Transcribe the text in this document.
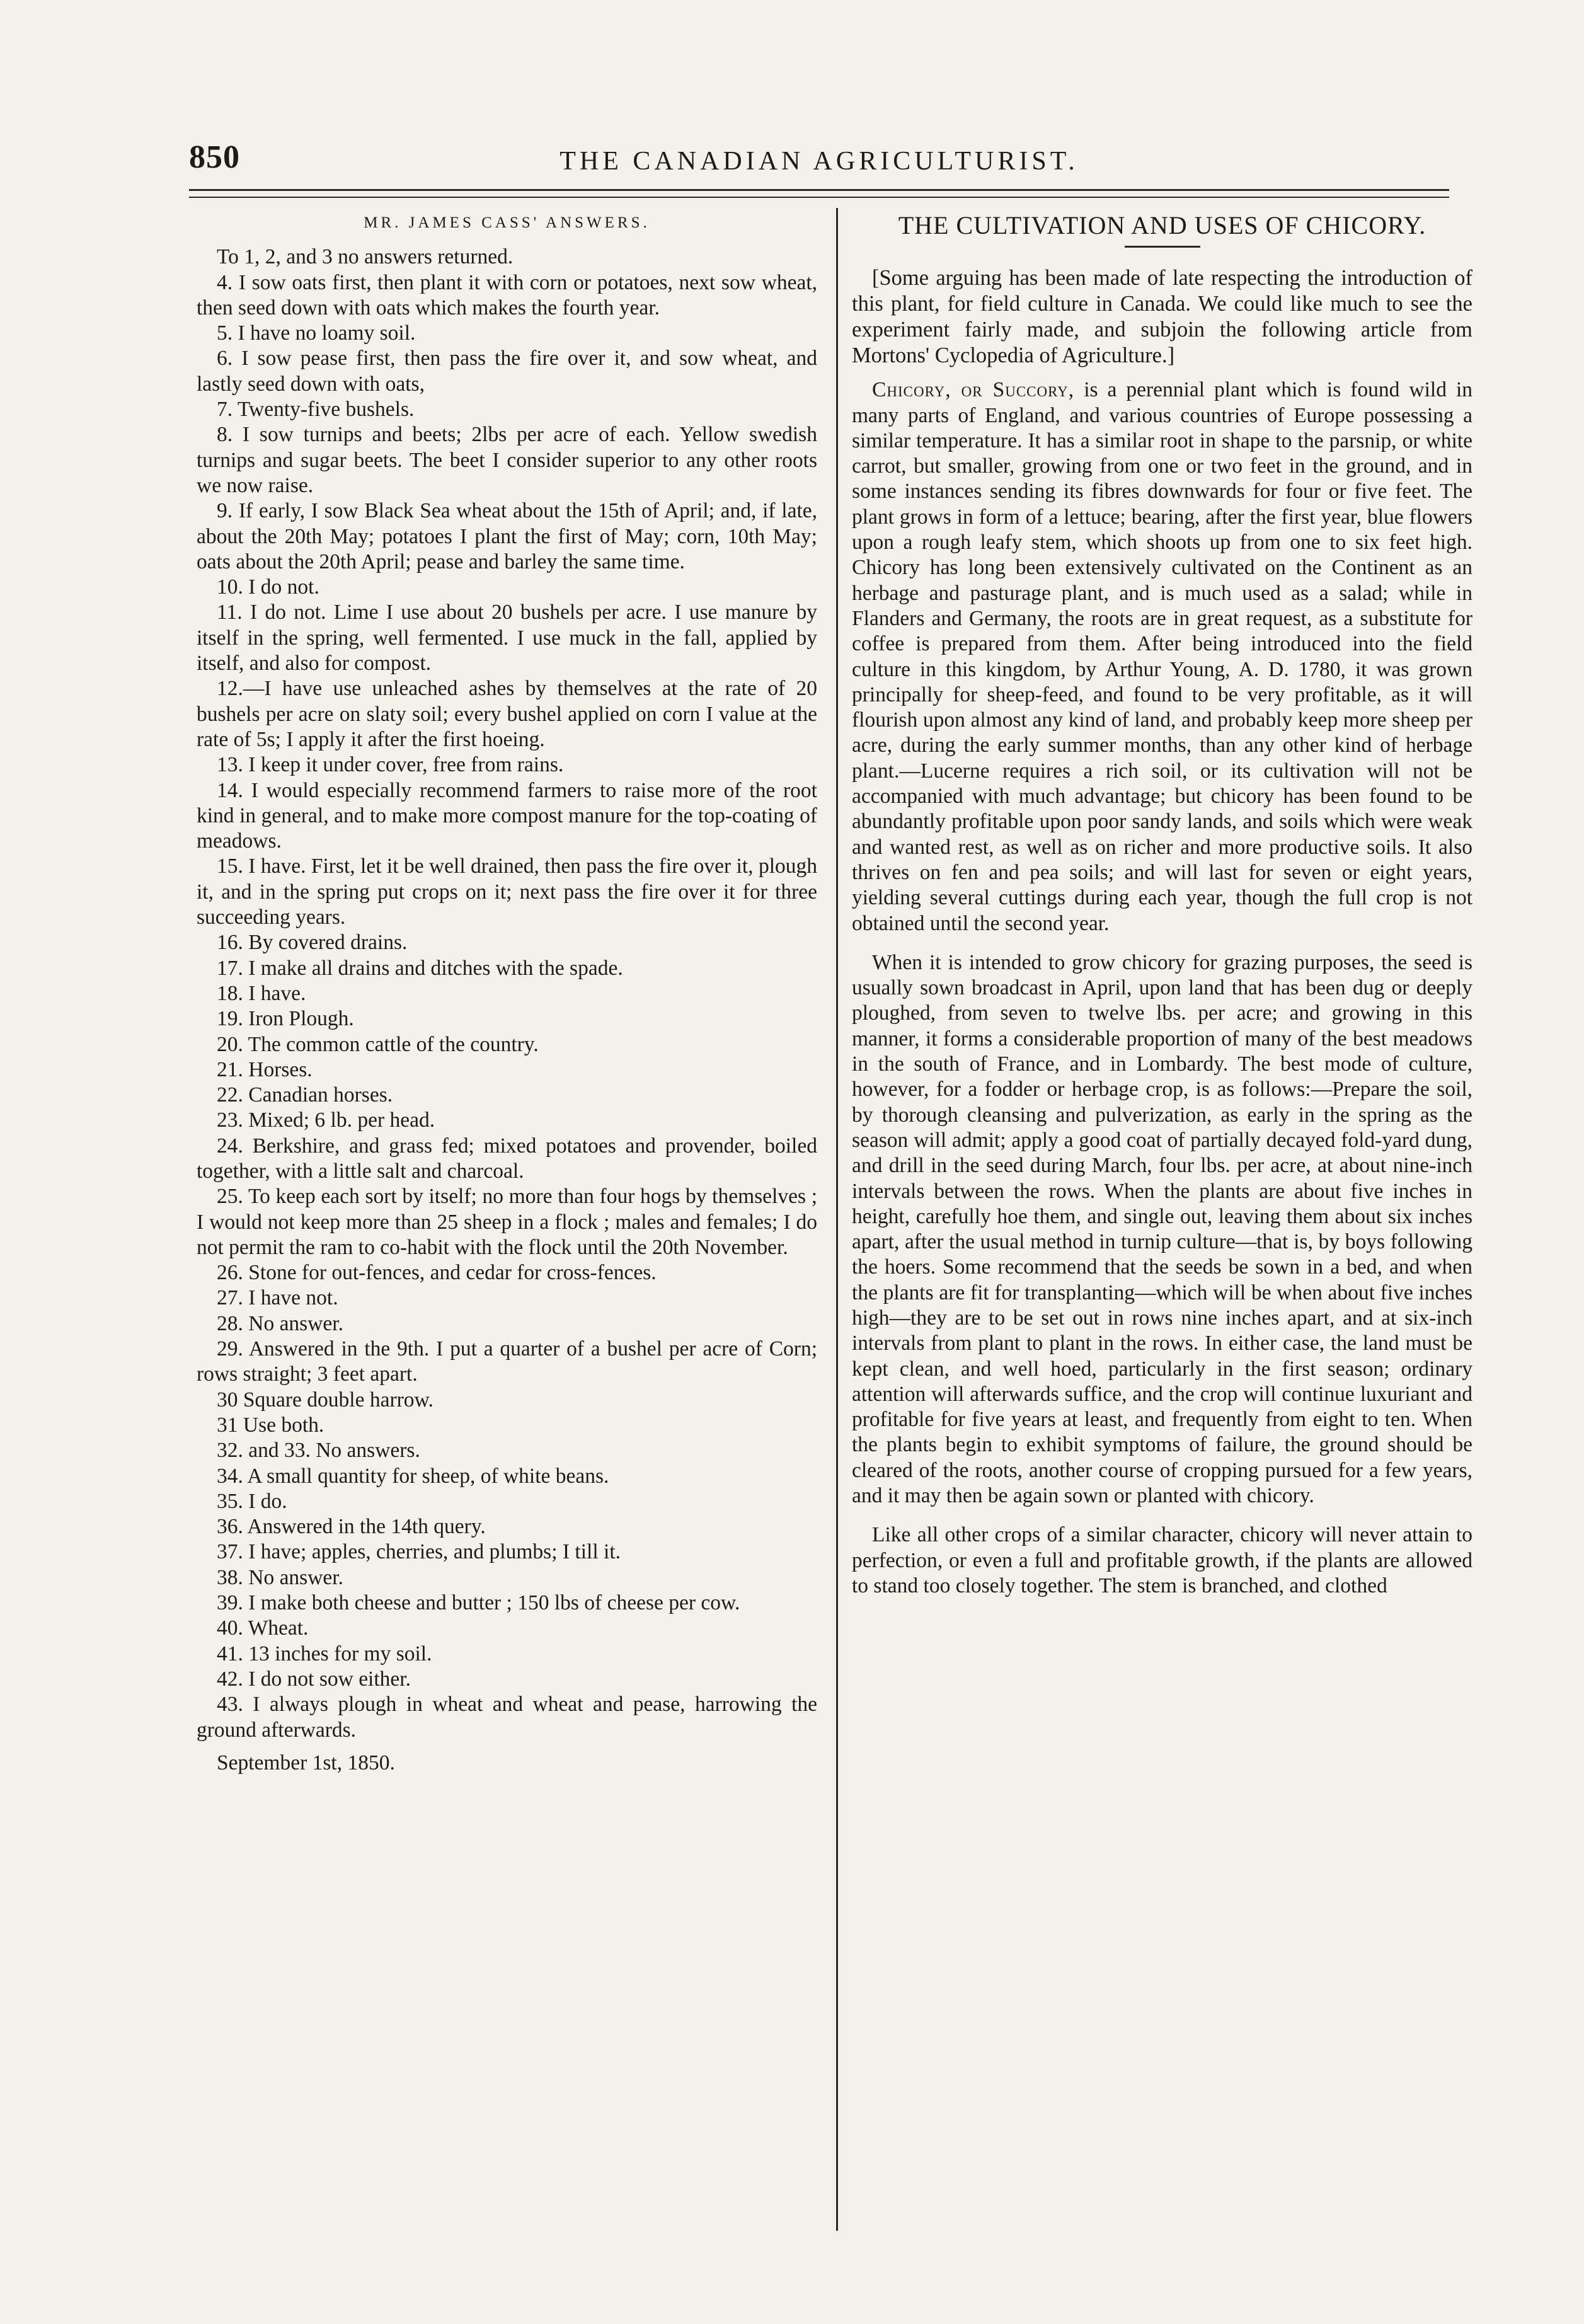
850	THE CANADIAN AGRICULTURIST.
MR. JAMES CASS' ANSWERS.

To 1, 2, and 3 no answers returned.

4. I sow oats first, then plant it with corn or potatoes, next sow wheat, then seed down with oats which makes the fourth year.

5. I have no loamy soil.

6. I sow pease first, then pass the fire over it, and sow wheat, and lastly seed down with oats,

7. Twenty-five bushels.

8. I sow turnips and beets; 2lbs per acre of each. Yellow swedish turnips and sugar beets. The beet I consider superior to any other roots we now raise.

9. If early, I sow Black Sea wheat about the 15th of April; and, if late, about the 20th May; potatoes I plant the first of May; corn, 10th May; oats about the 20th April; pease and barley the same time.

10. I do not.

11. I do not. Lime I use about 20 bushels per acre. I use manure by itself in the spring, well fermented. I use muck in the fall, applied by itself, and also for compost.

12.—I have use unleached ashes by themselves at the rate of 20 bushels per acre on slaty soil; every bushel applied on corn I value at the rate of 5s; I apply it after the first hoeing.

13. I keep it under cover, free from rains.

14. I would especially recommend farmers to raise more of the root kind in general, and to make more compost manure for the top-coating of meadows.

15. I have. First, let it be well drained, then pass the fire over it, plough it, and in the spring put crops on it; next pass the fire over it for three succeeding years.

16. By covered drains.

17. I make all drains and ditches with the spade.

18. I have.

19. Iron Plough.

20. The common cattle of the country.

21. Horses.

22. Canadian horses.

23. Mixed; 6 lb. per head.

24. Berkshire, and grass fed; mixed potatoes and provender, boiled together, with a little salt and charcoal.

25. To keep each sort by itself; no more than four hogs by themselves ; I would not keep more than 25 sheep in a flock ; males and females; I do not permit the ram to co-habit with the flock until the 20th November.

26. Stone for out-fences, and cedar for cross-fences.

27. I have not.

28. No answer.

29. Answered in the 9th. I put a quarter of a bushel per acre of Corn; rows straight; 3 feet apart.

30 Square double harrow.

31 Use both.

32. and 33. No answers.

34. A small quantity for sheep, of white beans.

35. I do.

36. Answered in the 14th query.

37. I have; apples, cherries, and plumbs; I till it.

38. No answer.

39. I make both cheese and butter ; 150 lbs of cheese per cow.

40. Wheat.

41. 13 inches for my soil.

42. I do not sow either.

43. I always plough in wheat and wheat and pease, harrowing the ground afterwards.

September 1st, 1850.

THE CULTIVATION AND USES OF CHICORY.

[Some arguing has been made of late respecting the introduction of this plant, for field culture in Canada. We could like much to see the experiment fairly made, and subjoin the following article from Mortons' Cyclopedia of Agriculture.]

Chicory, or Succory, is a perennial plant which is found wild in many parts of England, and various countries of Europe possessing a similar temperature. It has a similar root in shape to the parsnip, or white carrot, but smaller, growing from one or two feet in the ground, and in some instances sending its fibres downwards for four or five feet. The plant grows in form of a lettuce; bearing, after the first year, blue flowers upon a rough leafy stem, which shoots up from one to six feet high. Chicory has long been extensively cultivated on the Continent as an herbage and pasturage plant, and is much used as a salad; while in Flanders and Germany, the roots are in great request, as a substitute for coffee is prepared from them. After being introduced into the field culture in this kingdom, by Arthur Young, A. D. 1780, it was grown principally for sheep-feed, and found to be very profitable, as it will flourish upon almost any kind of land, and probably keep more sheep per acre, during the early summer months, than any other kind of herbage plant.—Lucerne requires a rich soil, or its cultivation will not be accompanied with much advantage; but chicory has been found to be abundantly profitable upon poor sandy lands, and soils which were weak and wanted rest, as well as on richer and more productive soils. It also thrives on fen and pea soils; and will last for seven or eight years, yielding several cuttings during each year, though the full crop is not obtained until the second year.

When it is intended to grow chicory for grazing purposes, the seed is usually sown broadcast in April, upon land that has been dug or deeply ploughed, from seven to twelve lbs. per acre; and growing in this manner, it forms a considerable proportion of many of the best meadows in the south of France, and in Lombardy. The best mode of culture, however, for a fodder or herbage crop, is as follows:—Prepare the soil, by thorough cleansing and pulverization, as early in the spring as the season will admit; apply a good coat of partially decayed fold-yard dung, and drill in the seed during March, four lbs. per acre, at about nine-inch intervals between the rows. When the plants are about five inches in height, carefully hoe them, and single out, leaving them about six inches apart, after the usual method in turnip culture—that is, by boys following the hoers. Some recommend that the seeds be sown in a bed, and when the plants are fit for transplanting—which will be when about five inches high—they are to be set out in rows nine inches apart, and at six-inch intervals from plant to plant in the rows. In either case, the land must be kept clean, and well hoed, particularly in the first season; ordinary attention will afterwards suffice, and the crop will continue luxuriant and profitable for five years at least, and frequently from eight to ten. When the plants begin to exhibit symptoms of failure, the ground should be cleared of the roots, another course of cropping pursued for a few years, and it may then be again sown or planted with chicory.

Like all other crops of a similar character, chicory will never attain to perfection, or even a full and profitable growth, if the plants are allowed to stand too closely together. The stem is branched, and clothed
